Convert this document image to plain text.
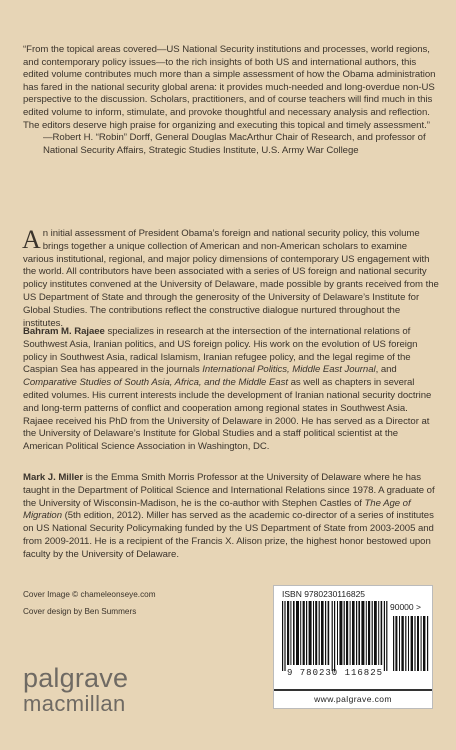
“From the topical areas covered—US National Security institutions and processes, world regions, and contemporary policy issues—to the rich insights of both US and international authors, this edited volume contributes much more than a simple assessment of how the Obama administration has fared in the national security global arena: it provides much-needed and long-overdue non-US perspective to the discussion. Scholars, practitioners, and of course teachers will find much in this edited volume to inform, stimulate, and provoke thoughtful and necessary analysis and reflection. The editors deserve high praise for organizing and executing this topical and timely assessment.”

—Robert H. “Robin” Dorff, General Douglas MacArthur Chair of Research, and professor of National Security Affairs, Strategic Studies Institute, U.S. Army War College

An initial assessment of President Obama’s foreign and national security policy, this volume brings together a unique collection of American and non-American scholars to examine various institutional, regional, and major policy dimensions of contemporary US engagement with the world. All contributors have been associated with a series of US foreign and national security policy institutes convened at the University of Delaware, made possible by grants received from the US Department of State and through the generosity of the University of Delaware’s Institute for Global Studies. The contributions reflect the constructive dialogue nurtured throughout the institutes.
Bahram M. Rajaee specializes in research at the intersection of the international relations of Southwest Asia, Iranian politics, and US foreign policy. His work on the evolution of US foreign policy in Southwest Asia, radical Islamism, Iranian refugee policy, and the legal regime of the Caspian Sea has appeared in the journals International Politics, Middle East Journal, and Comparative Studies of South Asia, Africa, and the Middle East as well as chapters in several edited volumes. His current interests include the development of Iranian national security doctrine and long-term patterns of conflict and cooperation among regional states in Southwest Asia. Rajaee received his PhD from the University of Delaware in 2000. He has served as a Director at the University of Delaware’s Institute for Global Studies and a staff political scientist at the American Political Science Association in Washington, DC.
Mark J. Miller is the Emma Smith Morris Professor at the University of Delaware where he has taught in the Department of Political Science and International Relations since 1978. A graduate of the University of Wisconsin-Madison, he is the co-author with Stephen Castles of The Age of Migration (5th edition, 2012). Miller has served as the academic co-director of a series of institutes on US National Security Policymaking funded by the US Department of State from 2003-2005 and from 2009-2011. He is a recipient of the Francis X. Alison prize, the highest honor bestowed upon faculty by the University of Delaware.
Cover Image © chameleonseye.com
Cover design by Ben Summers
palgrave
macmillan
ISBN 9780230116825
90000 >
9 780230 116825
www.palgrave.com
